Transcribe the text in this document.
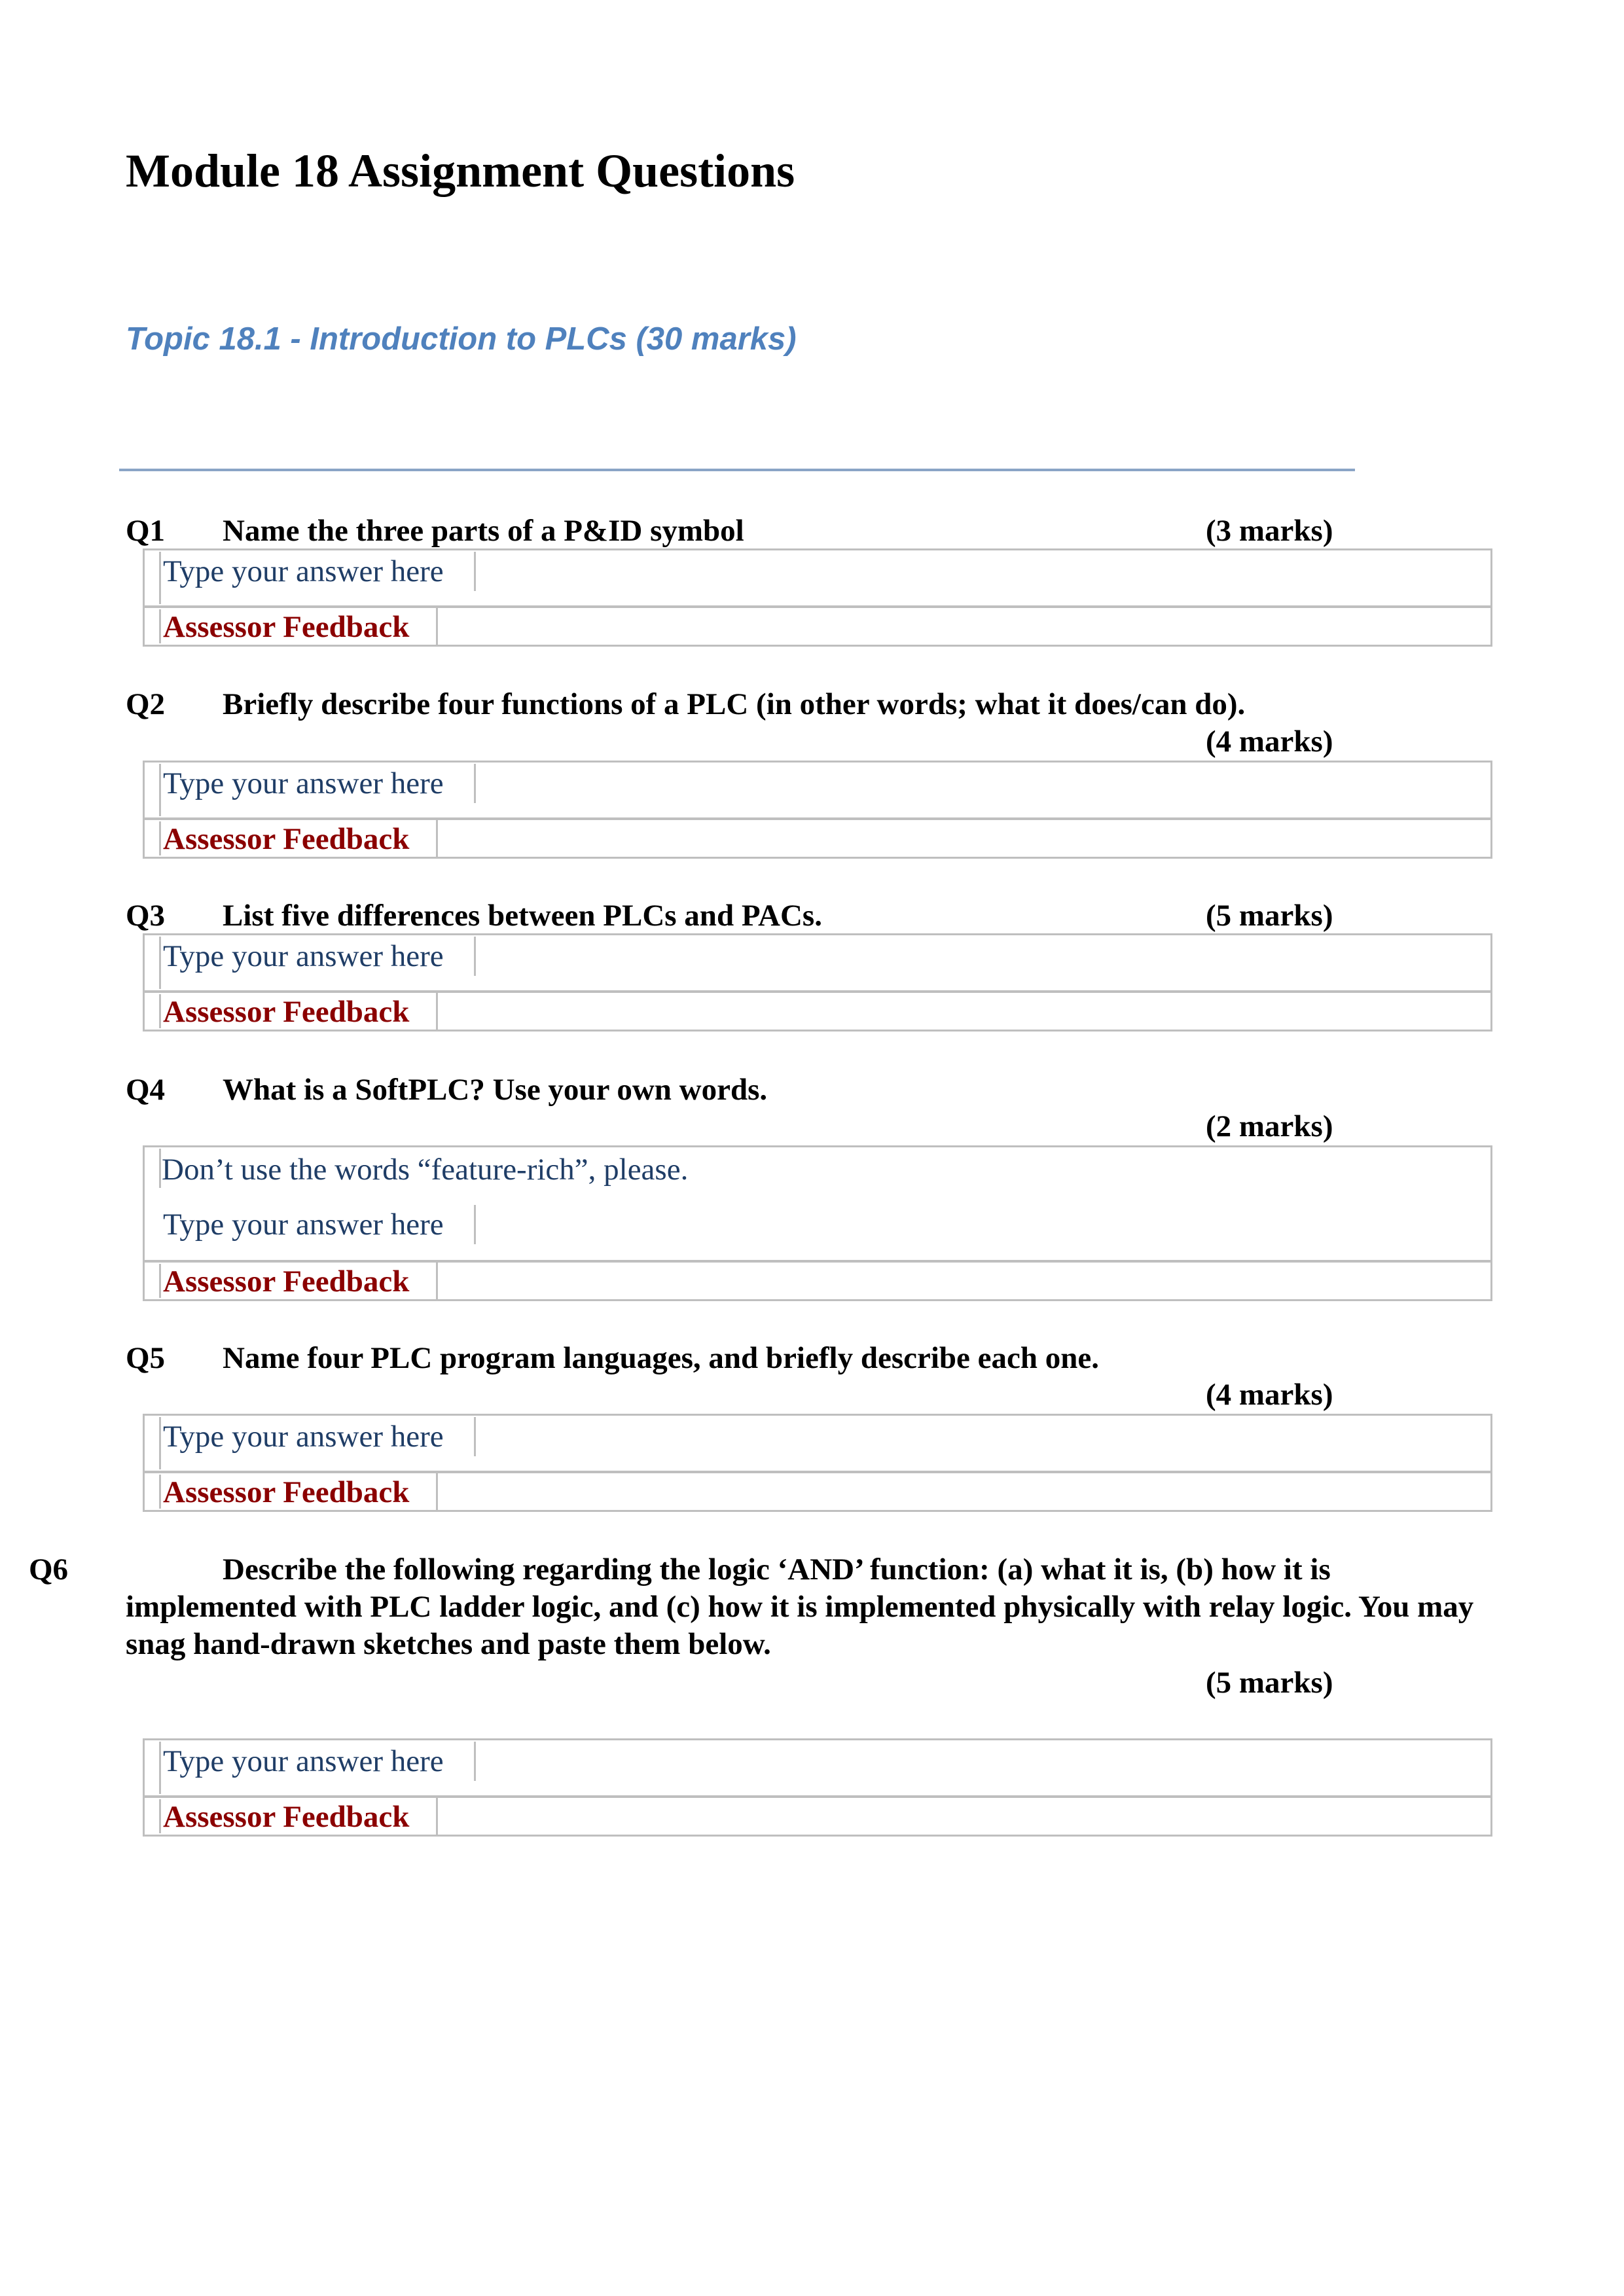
Module 18 Assignment Questions
Topic 18.1 - Introduction to PLCs (30 marks)
Q1 Name the three parts of a P&ID symbol	(3 marks)
Type your answer here
Assessor Feedback
Q2 Briefly describe four functions of a PLC (in other words; what it does/can do).
(4 marks)
Type your answer here
Assessor Feedback
Q3 List five differences between PLCs and PACs.	(5 marks)
Type your answer here
Assessor Feedback
Q4 What is a SoftPLC? Use your own words.
(2 marks)
Don’t use the words “feature-rich”, please.
Type your answer here
Assessor Feedback
Q5 Name four PLC program languages, and briefly describe each one.
(4 marks)
Type your answer here
Assessor Feedback
Q6	Describe the following regarding the logic ‘AND’ function: (a) what it is, (b) how it is implemented with PLC ladder logic, and (c) how it is implemented physically with relay logic. You may snag hand-drawn sketches and paste them below.
(5 marks)
Type your answer here
Assessor Feedback
